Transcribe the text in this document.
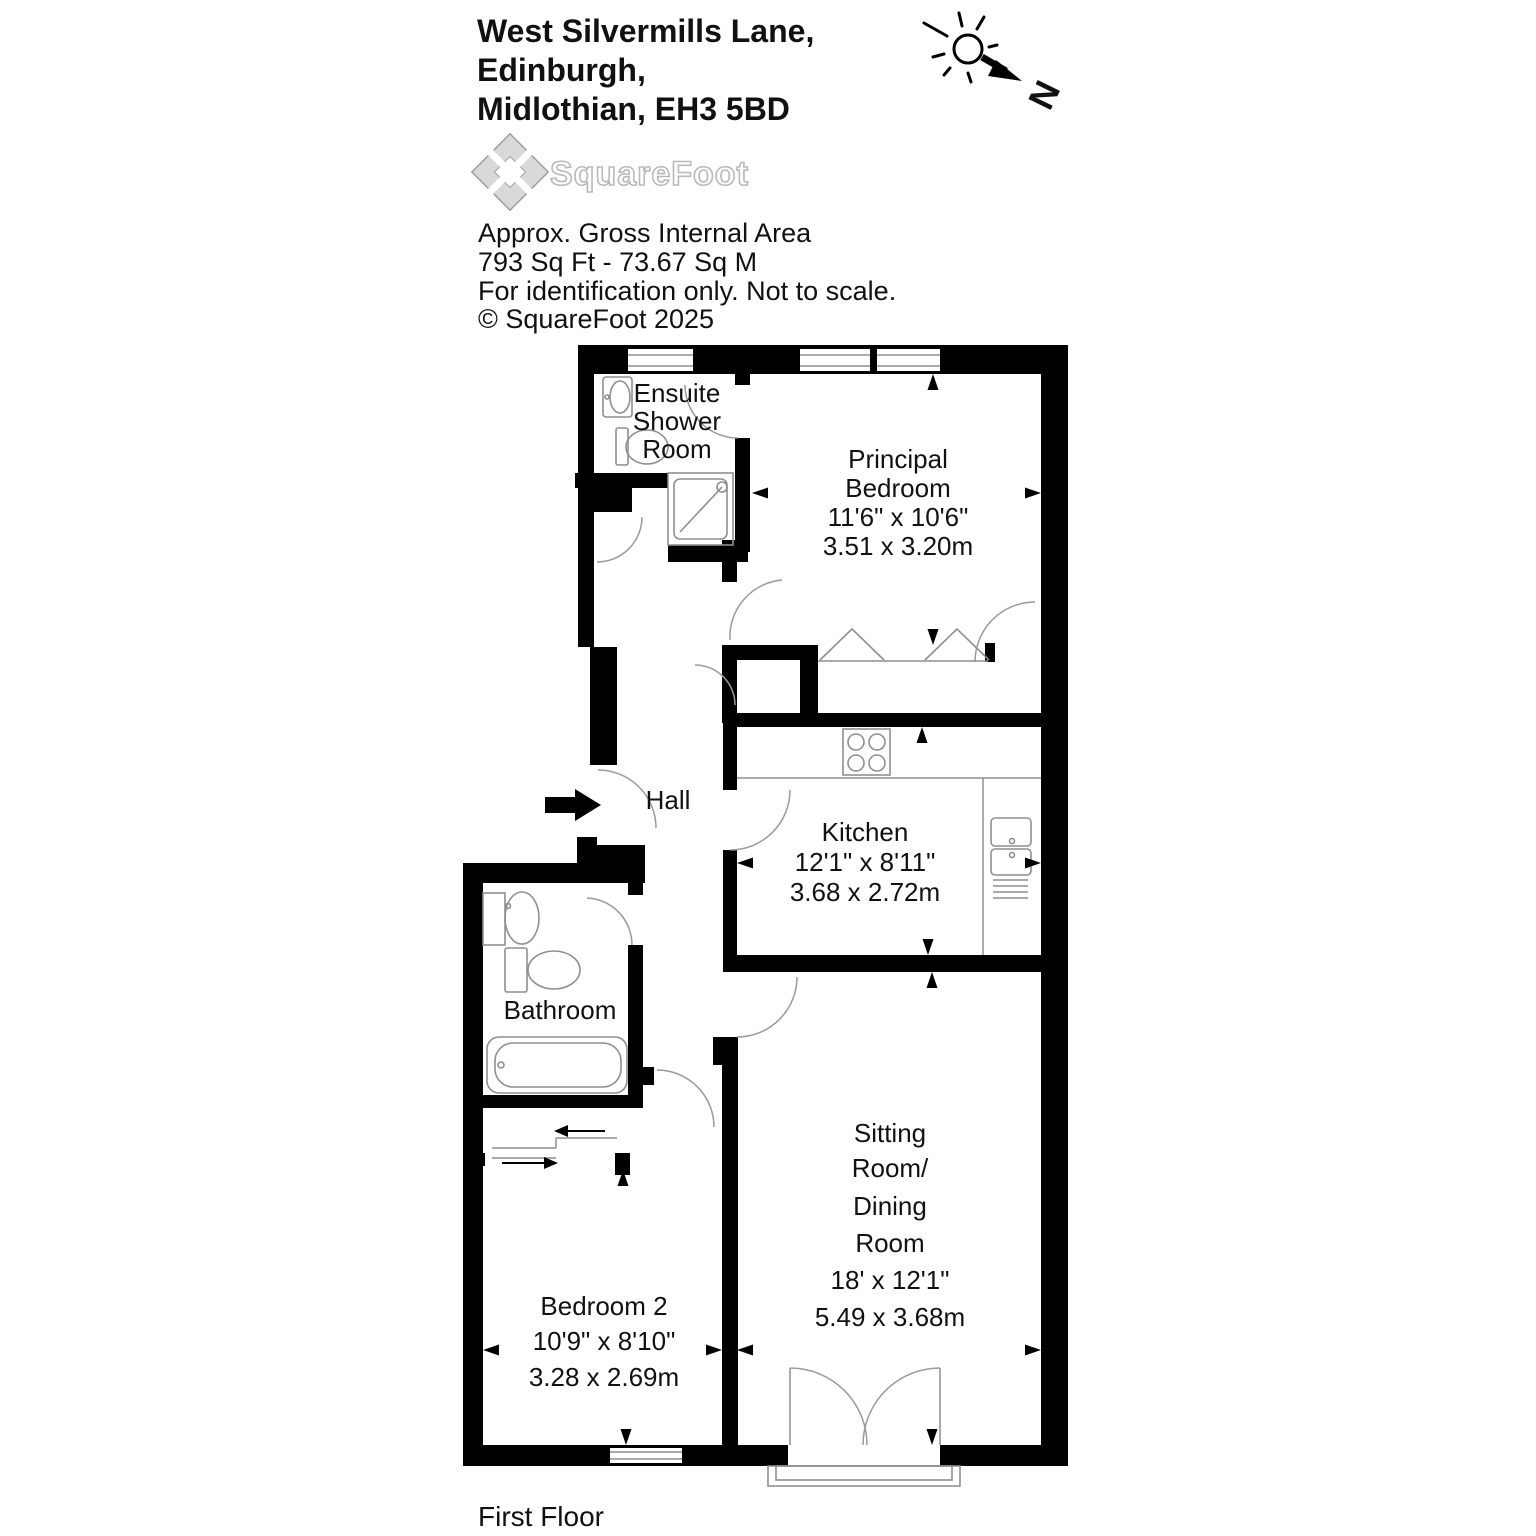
West Silvermills Lane,
Edinburgh,
Midlothian, EH3 5BD
Approx. Gross Internal Area
793 Sq Ft - 73.67 Sq M
For identification only. Not to scale.
© SquareFoot 2025
SquareFoot
N
Ensuite
Shower
Room	Principal
Bedroom
11'6" x 10'6"
3.51 x 3.20m
Hall
Kitchen
12'1" x 8'11"
3.68 x 2.72m
Bathroom
Bedroom 2
10'9" x 8'10"
3.28 x 2.69m
Sitting
Room/
Dining
Room
18' x 12'1"
5.49 x 3.68m
First Floor
